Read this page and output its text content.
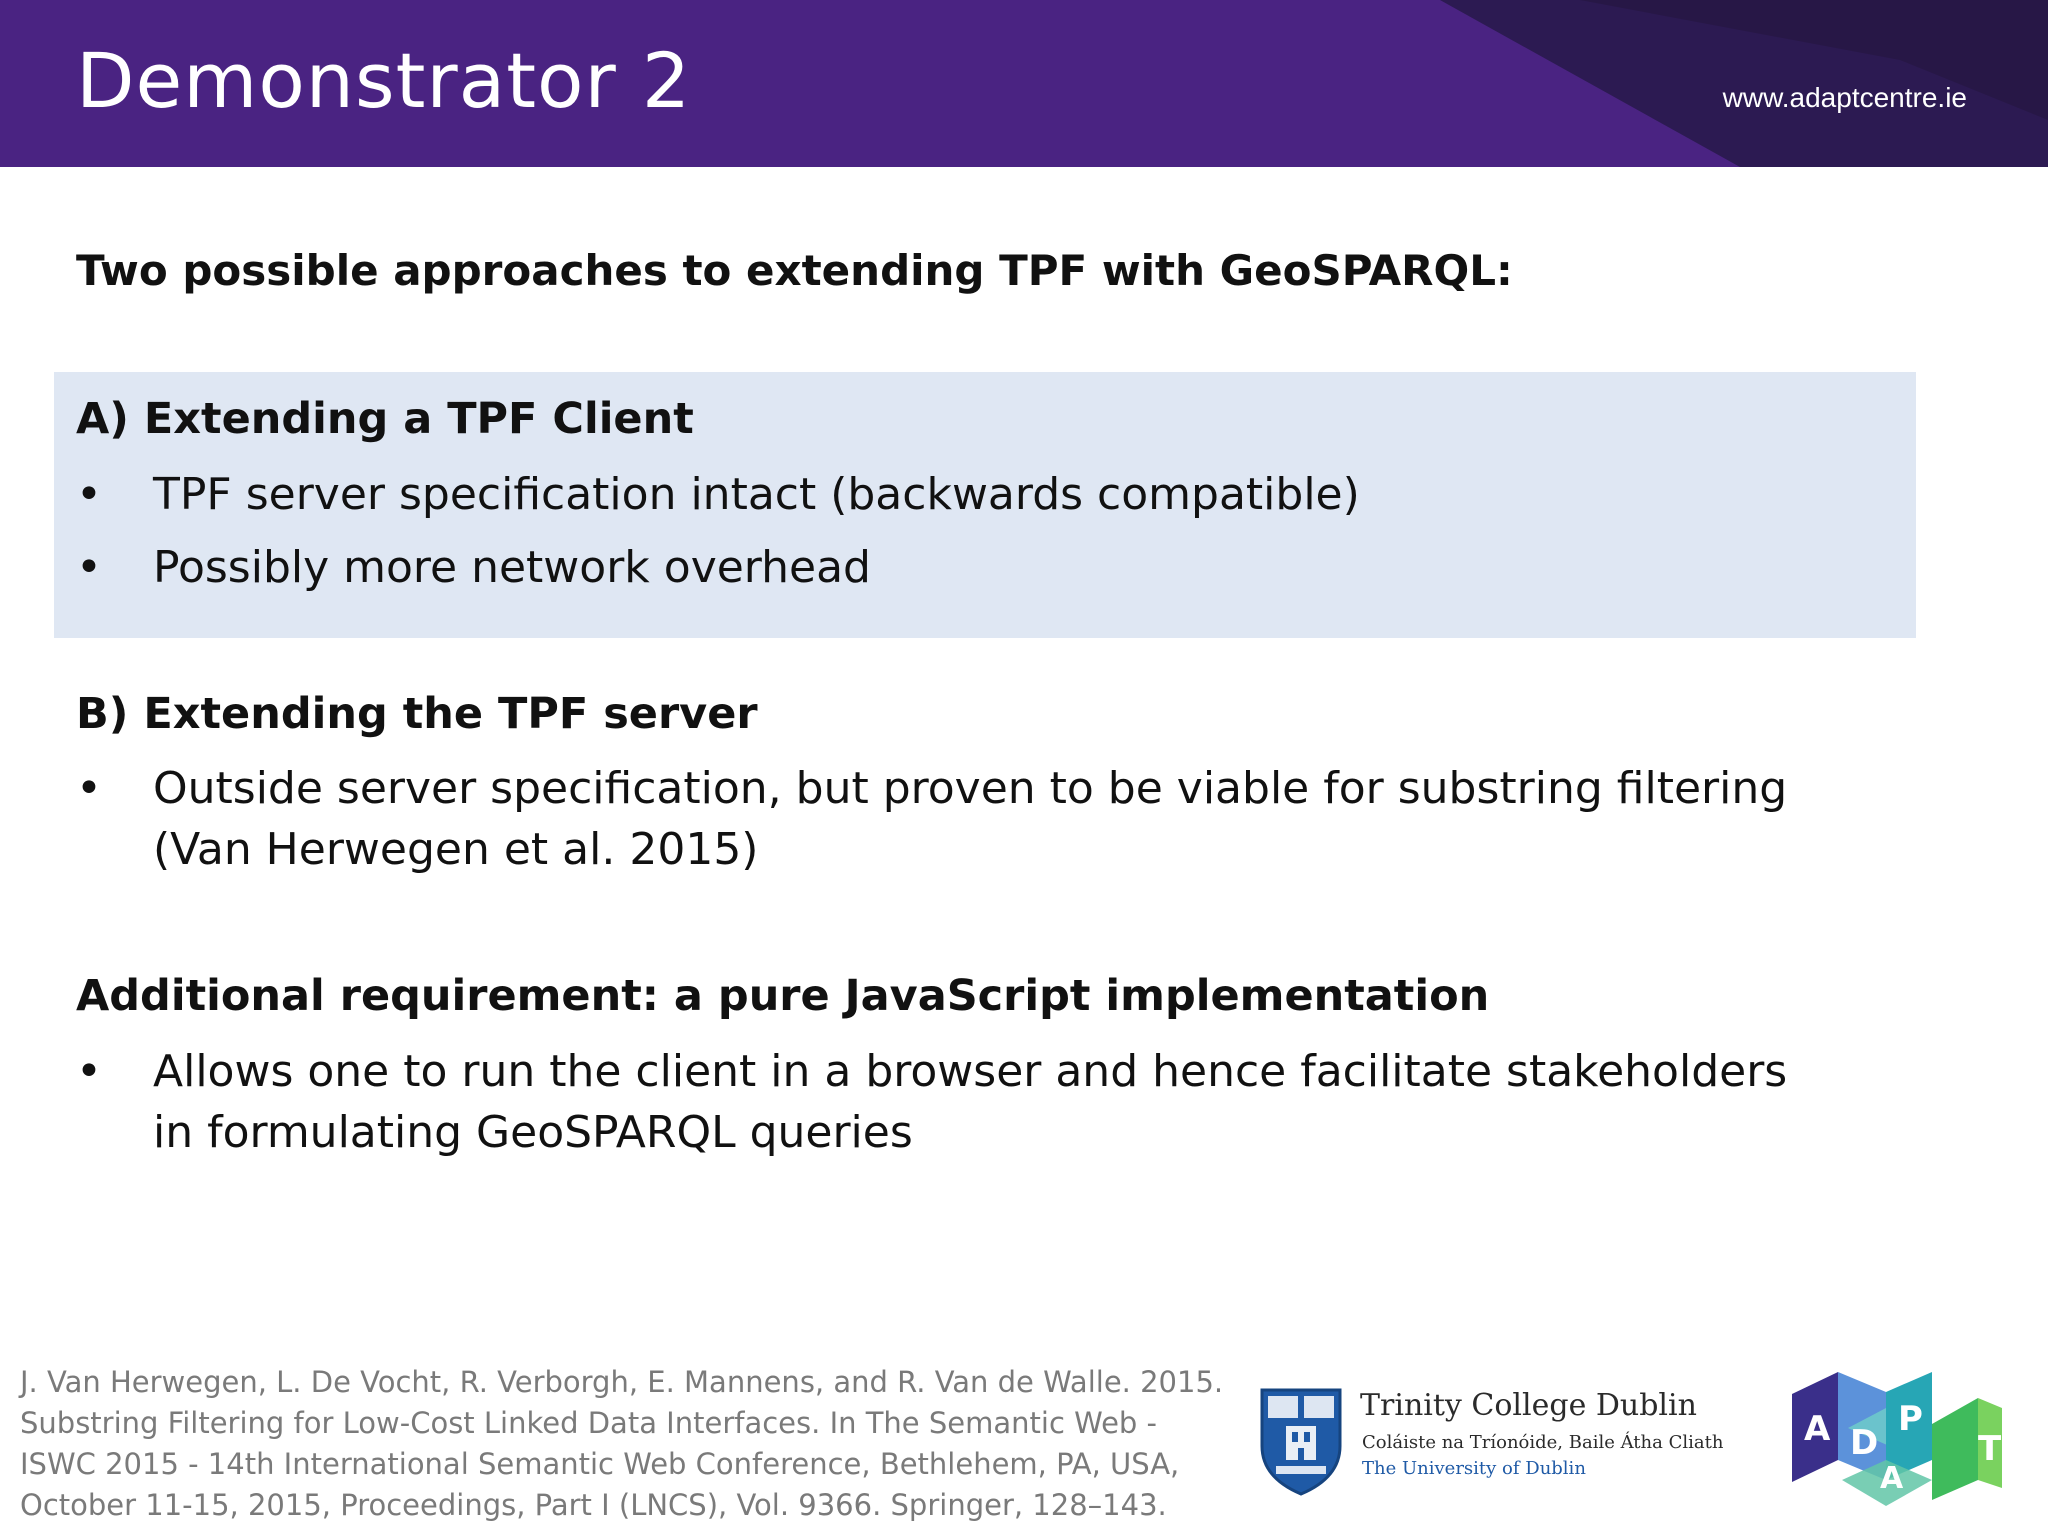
Demonstrator 2	www.adaptcentre.ie
Two possible approaches to extending TPF with GeoSPARQL:
A) Extending a TPF Client
• TPF server specification intact (backwards compatible)
• Possibly more network overhead
B) Extending the TPF server
• Outside server specification, but proven to be viable for substring filtering (Van Herwegen et al. 2015)
Additional requirement: a pure JavaScript implementation
• Allows one to run the client in a browser and hence facilitate stakeholders in formulating GeoSPARQL queries
J. Van Herwegen, L. De Vocht, R. Verborgh, E. Mannens, and R. Van de Walle. 2015. Substring Filtering for Low-Cost Linked Data Interfaces. In The Semantic Web - ISWC 2015 - 14th International Semantic Web Conference, Bethlehem, PA, USA, October 11-15, 2015, Proceedings, Part I (LNCS), Vol. 9366. Springer, 128–143.
Trinity College Dublin
Coláiste na Tríonóide, Baile Átha Cliath
The University of Dublin
A D
A
P
T
